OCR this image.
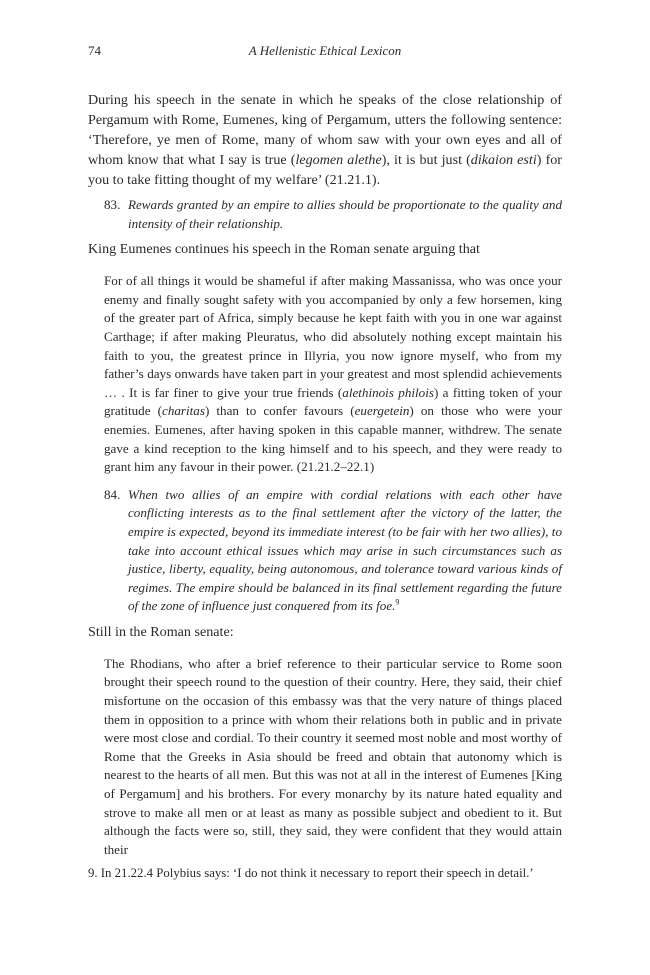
74	A Hellenistic Ethical Lexicon

During his speech in the senate in which he speaks of the close relationship of Pergamum with Rome, Eumenes, king of Pergamum, utters the following sentence: ‘Therefore, ye men of Rome, many of whom saw with your own eyes and all of whom know that what I say is true (legomen alethe), it is but just (dikaion esti) for you to take fitting thought of my welfare’ (21.21.1).

83. Rewards granted by an empire to allies should be proportionate to the quality and intensity of their relationship.

King Eumenes continues his speech in the Roman senate arguing that

For of all things it would be shameful if after making Massanissa, who was once your enemy and finally sought safety with you accompanied by only a few horsemen, king of the greater part of Africa, simply because he kept faith with you in one war against Carthage; if after making Pleuratus, who did absolutely nothing except maintain his faith to you, the greatest prince in Illyria, you now ignore myself, who from my father’s days onwards have taken part in your greatest and most splendid achievements … . It is far finer to give your true friends (alethinois philois) a fitting token of your gratitude (charitas) than to confer favours (euergetein) on those who were your enemies. Eumenes, after having spoken in this capable manner, withdrew. The senate gave a kind reception to the king himself and to his speech, and they were ready to grant him any favour in their power. (21.21.2–22.1)

84. When two allies of an empire with cordial relations with each other have conflicting interests as to the final settlement after the victory of the latter, the empire is expected, beyond its immediate interest (to be fair with her two allies), to take into account ethical issues which may arise in such circumstances such as justice, liberty, equality, being autonomous, and tolerance toward various kinds of regimes. The empire should be balanced in its final settlement regarding the future of the zone of influence just conquered from its foe.$^9$

Still in the Roman senate:

The Rhodians, who after a brief reference to their particular service to Rome soon brought their speech round to the question of their country. Here, they said, their chief misfortune on the occasion of this embassy was that the very nature of things placed them in opposition to a prince with whom their relations both in public and in private were most close and cordial. To their country it seemed most noble and most worthy of Rome that the Greeks in Asia should be freed and obtain that autonomy which is nearest to the hearts of all men. But this was not at all in the interest of Eumenes [King of Pergamum] and his brothers. For every monarchy by its nature hated equality and strove to make all men or at least as many as possible subject and obedient to it. But although the facts were so, still, they said, they were confident that they would attain their

9. In 21.22.4 Polybius says: ‘I do not think it necessary to report their speech in detail.’
